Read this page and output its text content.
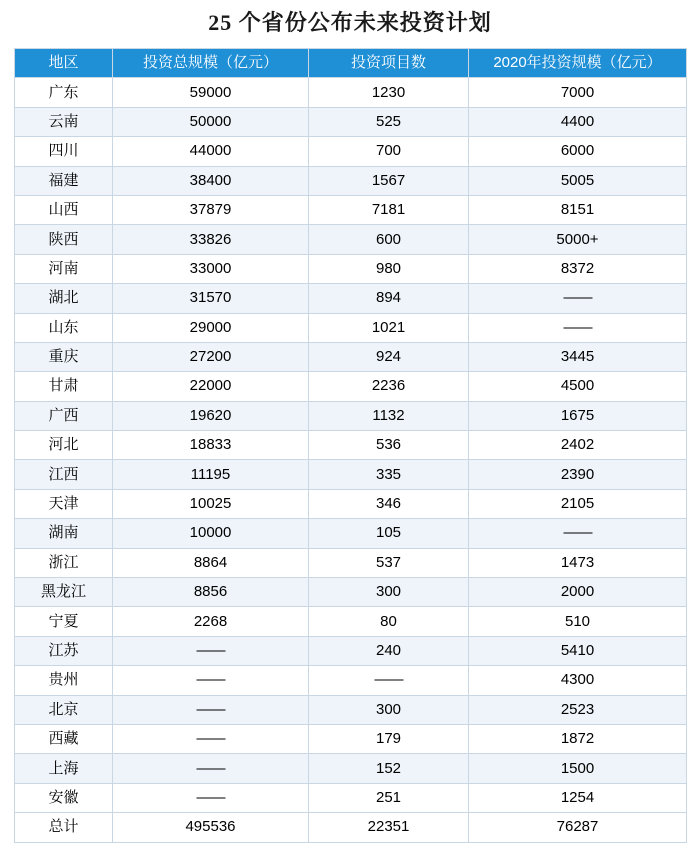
25 个省份公布未来投资计划
地区	投资总规模（亿元）	投资项目数	2020年投资规模（亿元）
广东	59000	1230	7000
云南	50000	525	4400
四川	44000	700	6000
福建	38400	1567	5005
山西	37879	7181	8151
陕西	33826	600	5000+
河南	33000	980	8372
湖北	31570	894	——
山东	29000	1021	——
重庆	27200	924	3445
甘肃	22000	2236	4500
广西	19620	1132	1675
河北	18833	536	2402
江西	11195	335	2390
天津	10025	346	2105
湖南	10000	105	——
浙江	8864	537	1473
黑龙江	8856	300	2000
宁夏	2268	80	510
江苏	——	240	5410
贵州	——	——	4300
北京	——	300	2523
西藏	——	179	1872
上海	——	152	1500
安徽	——	251	1254
总计	495536	22351	76287
